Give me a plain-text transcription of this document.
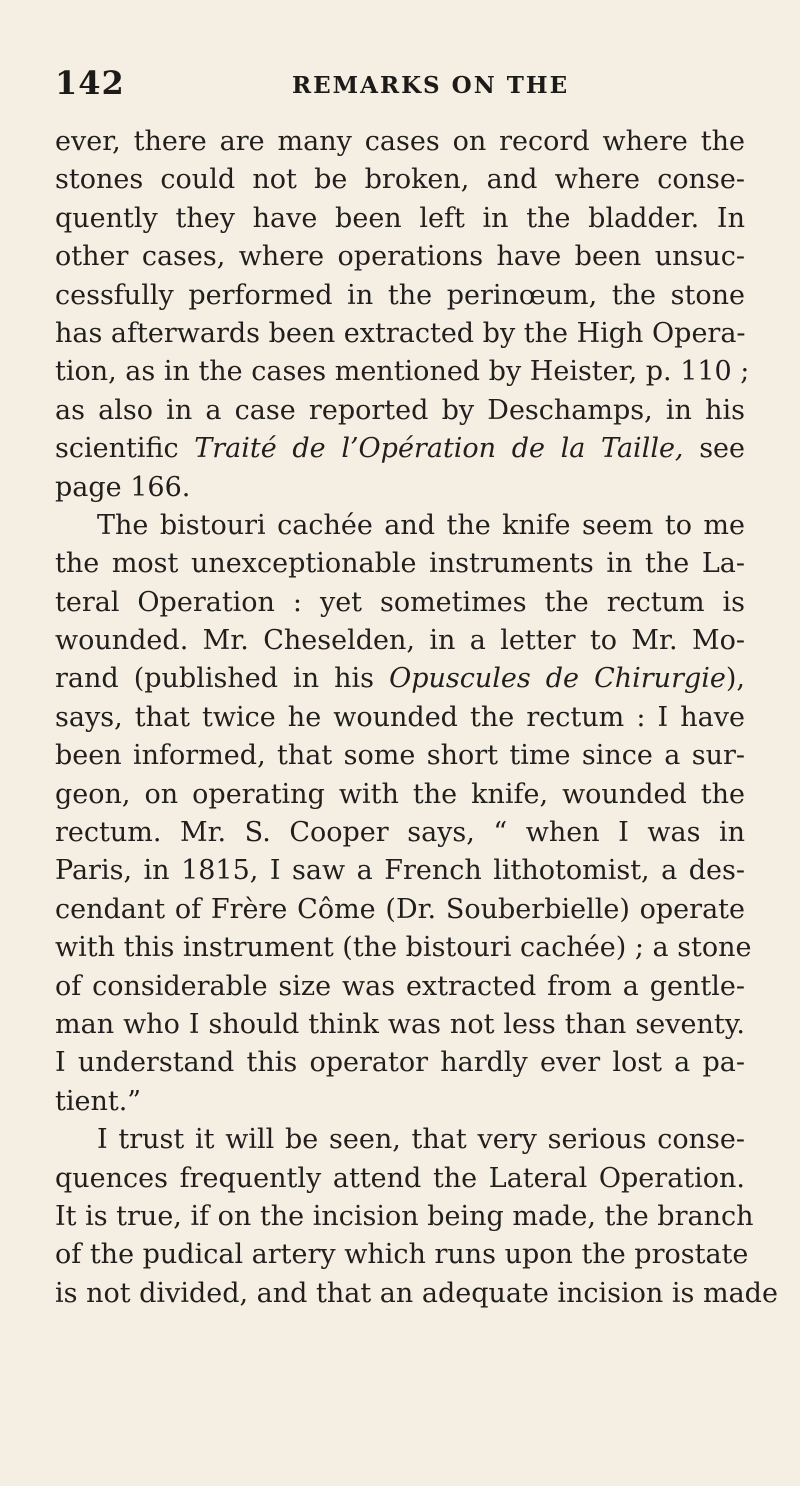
142	REMARKS ON THE
ever, there are many cases on record where the
stones could not be broken, and where conse-
quently they have been left in the bladder. In
other cases, where operations have been unsuc-
cessfully performed in the perinœum, the stone
has afterwards been extracted by the High Opera-
tion, as in the cases mentioned by Heister, p. 110 ;
as also in a case reported by Deschamps, in his
scientific Traité de l’Opération de la Taille, see
page 166.
The bistouri cachée and the knife seem to me
the most unexceptionable instruments in the La-
teral Operation : yet sometimes the rectum is
wounded. Mr. Cheselden, in a letter to Mr. Mo-
rand (published in his Opuscules de Chirurgie),
says, that twice he wounded the rectum : I have
been informed, that some short time since a sur-
geon, on operating with the knife, wounded the
rectum. Mr. S. Cooper says, “ when I was in
Paris, in 1815, I saw a French lithotomist, a des-
cendant of Frère Côme (Dr. Souberbielle) operate
with this instrument (the bistouri cachée) ; a stone
of considerable size was extracted from a gentle-
man who I should think was not less than seventy.
I understand this operator hardly ever lost a pa-
tient.”
I trust it will be seen, that very serious conse-
quences frequently attend the Lateral Operation.
It is true, if on the incision being made, the branch
of the pudical artery which runs upon the prostate
is not divided, and that an adequate incision is made
